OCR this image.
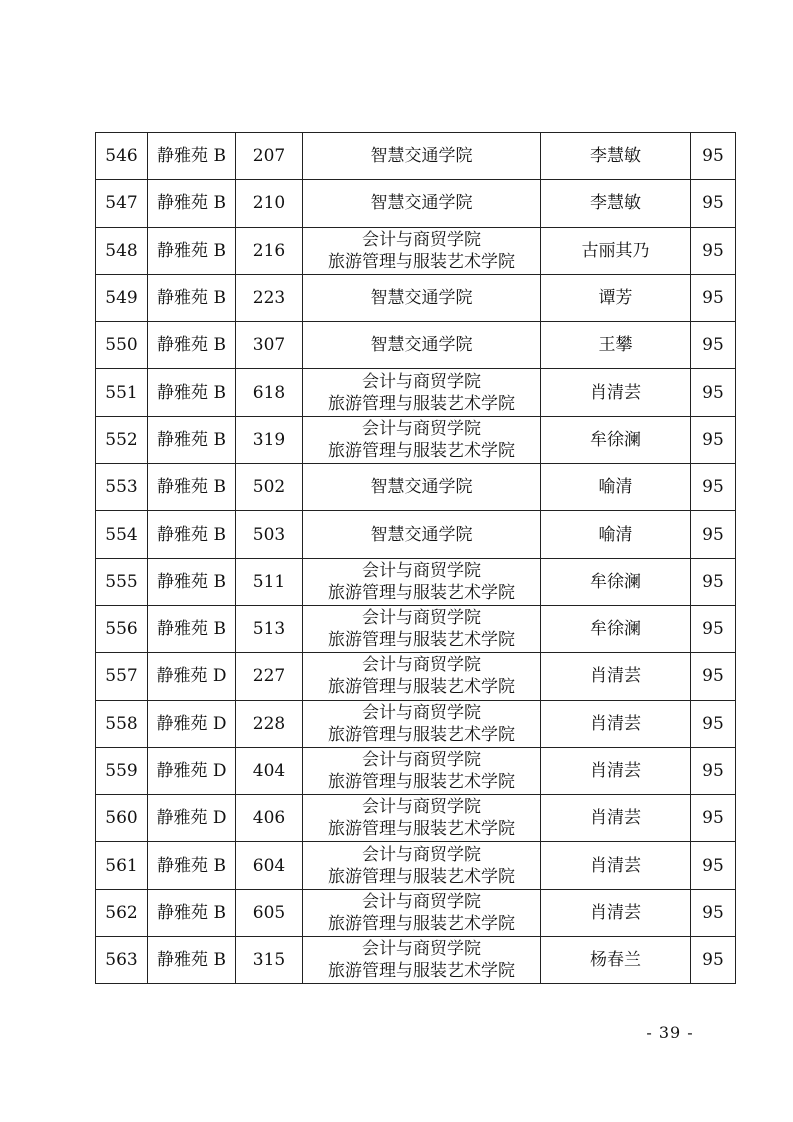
546	静雅苑 B	207	智慧交通学院	李慧敏	95
547	静雅苑 B	210	智慧交通学院	李慧敏	95
548	静雅苑 B	216	会计与商贸学院
旅游管理与服装艺术学院	古丽其乃	95
549	静雅苑 B	223	智慧交通学院	谭芳	95
550	静雅苑 B	307	智慧交通学院	王攀	95
551	静雅苑 B	618	会计与商贸学院
旅游管理与服装艺术学院	肖清芸	95
552	静雅苑 B	319	会计与商贸学院
旅游管理与服装艺术学院	牟徐澜	95
553	静雅苑 B	502	智慧交通学院	喻清	95
554	静雅苑 B	503	智慧交通学院	喻清	95
555	静雅苑 B	511	会计与商贸学院
旅游管理与服装艺术学院	牟徐澜	95
556	静雅苑 B	513	会计与商贸学院
旅游管理与服装艺术学院	牟徐澜	95
557	静雅苑 D	227	会计与商贸学院
旅游管理与服装艺术学院	肖清芸	95
558	静雅苑 D	228	会计与商贸学院
旅游管理与服装艺术学院	肖清芸	95
559	静雅苑 D	404	会计与商贸学院
旅游管理与服装艺术学院	肖清芸	95
560	静雅苑 D	406	会计与商贸学院
旅游管理与服装艺术学院	肖清芸	95
561	静雅苑 B	604	会计与商贸学院
旅游管理与服装艺术学院	肖清芸	95
562	静雅苑 B	605	会计与商贸学院
旅游管理与服装艺术学院	肖清芸	95
563	静雅苑 B	315	会计与商贸学院
旅游管理与服装艺术学院	杨春兰	95
- 39 -
